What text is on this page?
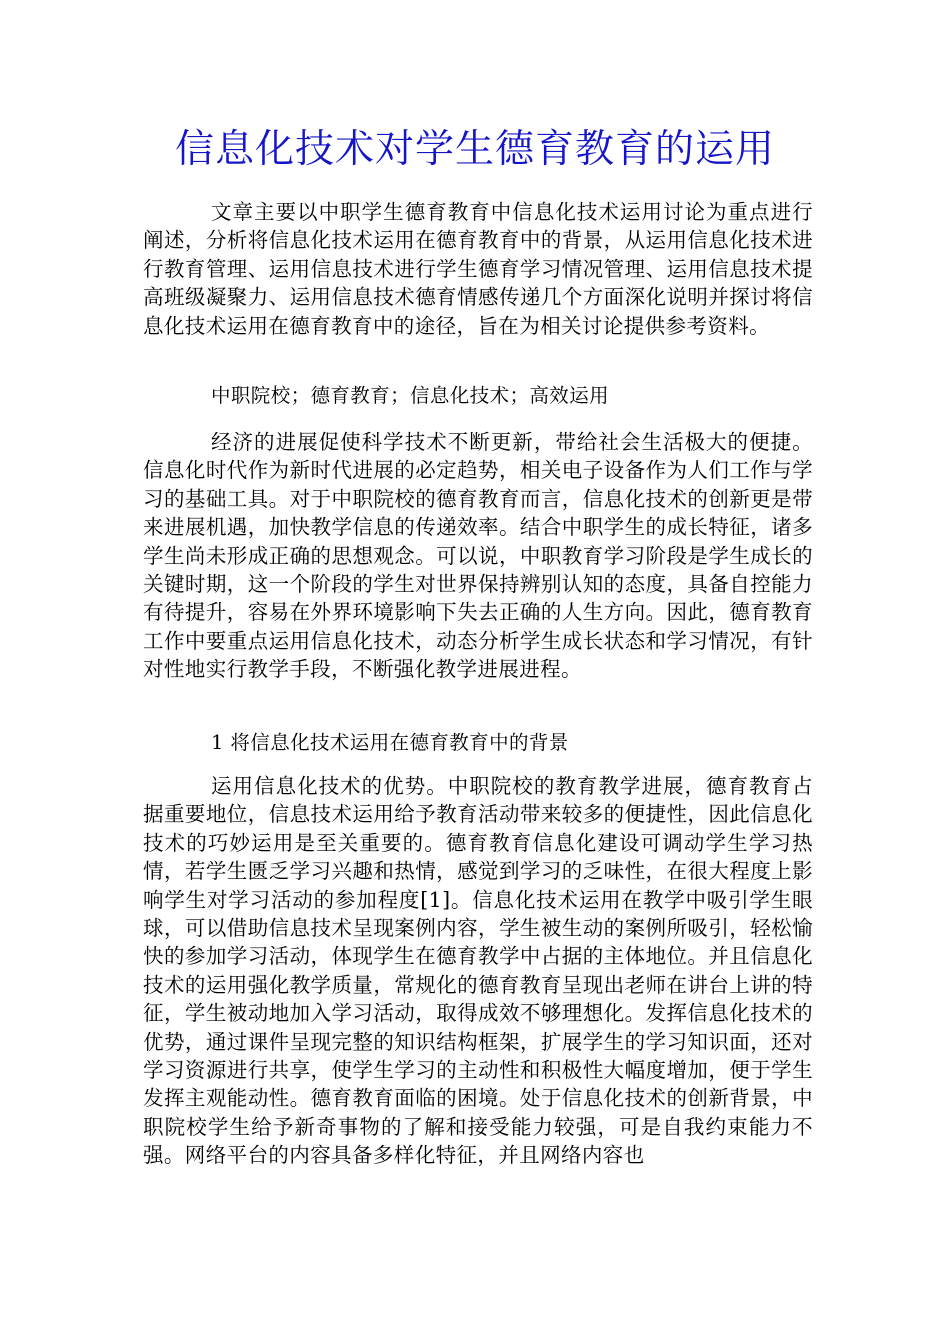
信息化技术对学生德育教育的运用

文章主要以中职学生德育教育中信息化技术运用讨论为重点进行阐述，分析将信息化技术运用在德育教育中的背景，从运用信息化技术进行教育管理、运用信息技术进行学生德育学习情况管理、运用信息技术提高班级凝聚力、运用信息技术德育情感传递几个方面深化说明并探讨将信息化技术运用在德育教育中的途径，旨在为相关讨论提供参考资料。

中职院校；德育教育；信息化技术；高效运用

经济的进展促使科学技术不断更新，带给社会生活极大的便捷。信息化时代作为新时代进展的必定趋势，相关电子设备作为人们工作与学习的基础工具。对于中职院校的德育教育而言，信息化技术的创新更是带来进展机遇，加快教学信息的传递效率。结合中职学生的成长特征，诸多学生尚未形成正确的思想观念。可以说，中职教育学习阶段是学生成长的关键时期，这一个阶段的学生对世界保持辨别认知的态度，具备自控能力有待提升，容易在外界环境影响下失去正确的人生方向。因此，德育教育工作中要重点运用信息化技术，动态分析学生成长状态和学习情况，有针对性地实行教学手段，不断强化教学进展进程。

1 将信息化技术运用在德育教育中的背景

运用信息化技术的优势。中职院校的教育教学进展，德育教育占据重要地位，信息技术运用给予教育活动带来较多的便捷性，因此信息化技术的巧妙运用是至关重要的。德育教育信息化建设可调动学生学习热情，若学生匮乏学习兴趣和热情，感觉到学习的乏味性，在很大程度上影响学生对学习活动的参加程度[1]。信息化技术运用在教学中吸引学生眼球，可以借助信息技术呈现案例内容，学生被生动的案例所吸引，轻松愉快的参加学习活动，体现学生在德育教学中占据的主体地位。并且信息化技术的运用强化教学质量，常规化的德育教育呈现出老师在讲台上讲的特征，学生被动地加入学习活动，取得成效不够理想化。发挥信息化技术的优势，通过课件呈现完整的知识结构框架，扩展学生的学习知识面，还对学习资源进行共享，使学生学习的主动性和积极性大幅度增加，便于学生发挥主观能动性。德育教育面临的困境。处于信息化技术的创新背景，中职院校学生给予新奇事物的了解和接受能力较强，可是自我约束能力不强。网络平台的内容具备多样化特征，并且网络内容也
